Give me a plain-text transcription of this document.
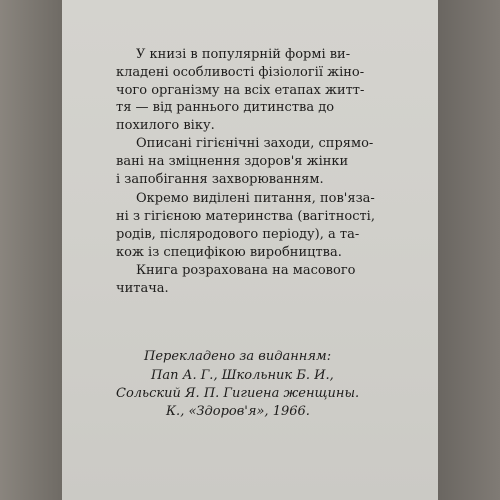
У книзі в популярній формі ви-
кладені особливості фізіології жіно-
чого організму на всіх етапах житт-
тя — від раннього дитинства до
похилого віку.
Описані гігієнічні заходи, спрямо-
вані на зміцнення здоров'я жінки
і запобігання захворюванням.
Окремо виділені питання, пов'яза-
ні з гігієною материнства (вагітності,
родів, післяродового періоду), а та-
кож із специфікою виробництва.
Книга розрахована на масового
читача.
Перекладено за виданням:
Пап А. Г., Школьник Б. И.,
Сольский Я. П. Гигиена женщины.
К., «Здоров'я», 1966.
